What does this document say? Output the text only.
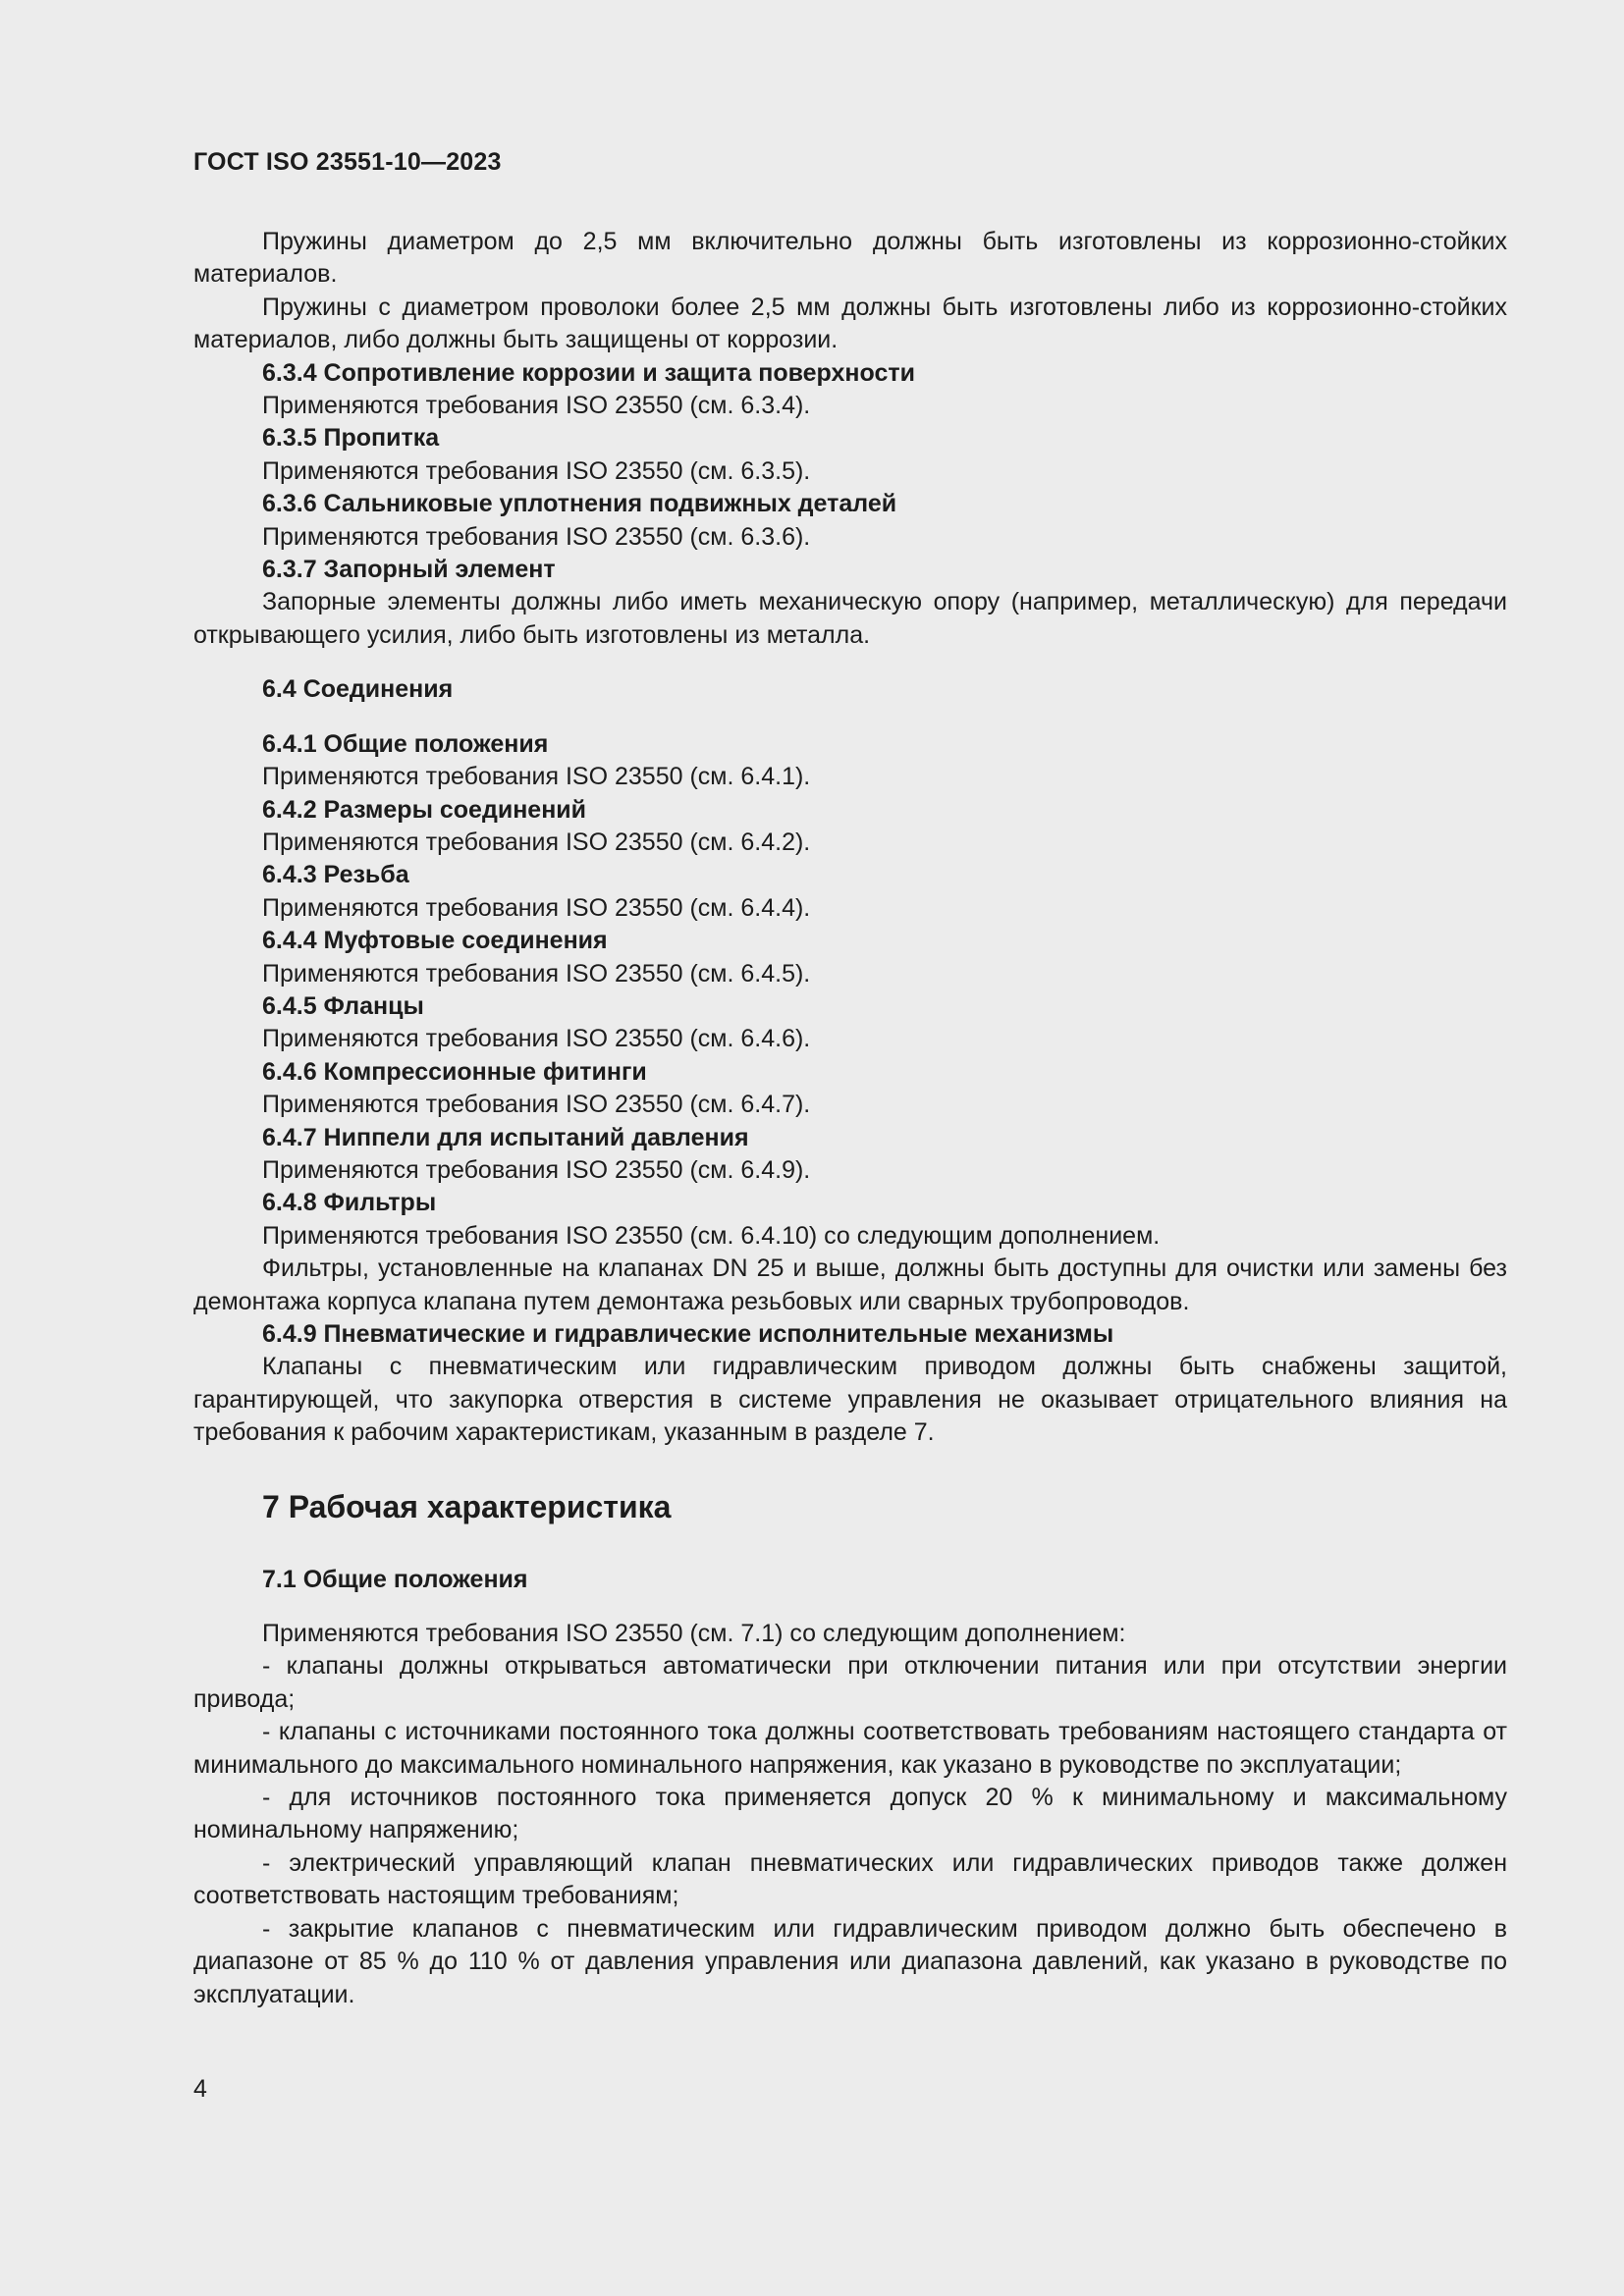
ГОСТ ISO 23551-10—2023

Пружины диаметром до 2,5 мм включительно должны быть изготовлены из коррозионно-стойких материалов.

Пружины с диаметром проволоки более 2,5 мм должны быть изготовлены либо из коррозионно-стойких материалов, либо должны быть защищены от коррозии.

6.3.4 Сопротивление коррозии и защита поверхности

Применяются требования ISO 23550 (см. 6.3.4).

6.3.5 Пропитка

Применяются требования ISO 23550 (см. 6.3.5).

6.3.6 Сальниковые уплотнения подвижных деталей

Применяются требования ISO 23550 (см. 6.3.6).

6.3.7 Запорный элемент

Запорные элементы должны либо иметь механическую опору (например, металлическую) для передачи открывающего усилия, либо быть изготовлены из металла.

6.4 Соединения

6.4.1 Общие положения

Применяются требования ISO 23550 (см. 6.4.1).

6.4.2 Размеры соединений

Применяются требования ISO 23550 (см. 6.4.2).

6.4.3 Резьба

Применяются требования ISO 23550 (см. 6.4.4).

6.4.4 Муфтовые соединения

Применяются требования ISO 23550 (см. 6.4.5).

6.4.5 Фланцы

Применяются требования ISO 23550 (см. 6.4.6).

6.4.6 Компрессионные фитинги

Применяются требования ISO 23550 (см. 6.4.7).

6.4.7 Ниппели для испытаний давления

Применяются требования ISO 23550 (см. 6.4.9).

6.4.8 Фильтры

Применяются требования ISO 23550 (см. 6.4.10) со следующим дополнением.

Фильтры, установленные на клапанах DN 25 и выше, должны быть доступны для очистки или замены без демонтажа корпуса клапана путем демонтажа резьбовых или сварных трубопроводов.

6.4.9 Пневматические и гидравлические исполнительные механизмы

Клапаны с пневматическим или гидравлическим приводом должны быть снабжены защитой, гарантирующей, что закупорка отверстия в системе управления не оказывает отрицательного влияния на требования к рабочим характеристикам, указанным в разделе 7.

7 Рабочая характеристика

7.1 Общие положения

Применяются требования ISO 23550 (см. 7.1) со следующим дополнением:

- клапаны должны открываться автоматически при отключении питания или при отсутствии энергии привода;

- клапаны с источниками постоянного тока должны соответствовать требованиям настоящего стандарта от минимального до максимального номинального напряжения, как указано в руководстве по эксплуатации;

- для источников постоянного тока применяется допуск 20 % к минимальному и максимальному номинальному напряжению;

- электрический управляющий клапан пневматических или гидравлических приводов также должен соответствовать настоящим требованиям;

- закрытие клапанов с пневматическим или гидравлическим приводом должно быть обеспечено в диапазоне от 85 % до 110 % от давления управления или диапазона давлений, как указано в руководстве по эксплуатации.

4
